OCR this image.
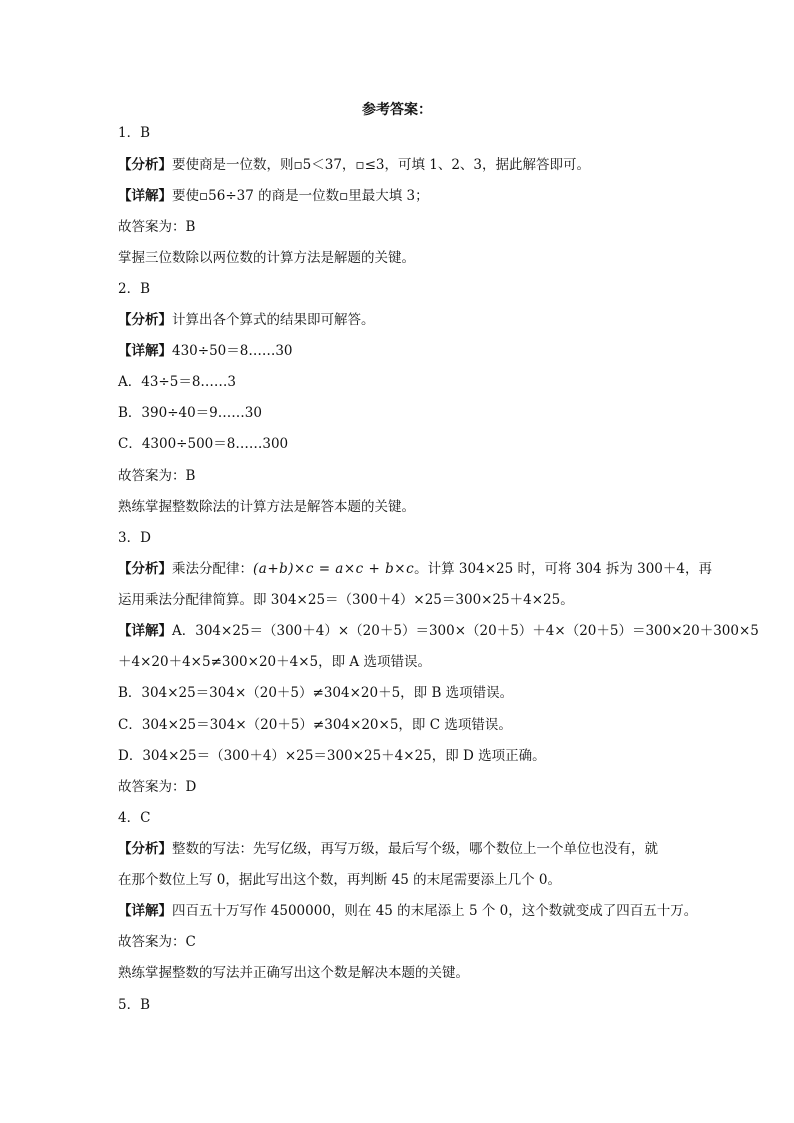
参考答案：
1．B
【分析】要使商是一位数，则▫5＜37，▫≤3，可填 1、2、3，据此解答即可。
【详解】要使▫56÷37 的商是一位数▫里最大填 3；
故答案为：B
掌握三位数除以两位数的计算方法是解题的关键。
2．B
【分析】计算出各个算式的结果即可解答。
【详解】430÷50＝8……30
A．43÷5＝8……3
B．390÷40＝9……30
C．4300÷500＝8……300
故答案为：B
熟练掌握整数除法的计算方法是解答本题的关键。
3．D
【分析】乘法分配律：(a+b)×c = a×c + b×c。计算 304×25 时，可将 304 拆为 300＋4，再
运用乘法分配律简算。即 304×25＝（300＋4）×25＝300×25＋4×25。
【详解】A．304×25＝（300＋4）×（20＋5）＝300×（20＋5）＋4×（20＋5）＝300×20＋300×5
＋4×20＋4×5≠300×20＋4×5，即 A 选项错误。
B．304×25＝304×（20＋5）≠304×20＋5，即 B 选项错误。
C．304×25＝304×（20＋5）≠304×20×5，即 C 选项错误。
D．304×25＝（300＋4）×25＝300×25＋4×25，即 D 选项正确。
故答案为：D
4．C
【分析】整数的写法：先写亿级，再写万级，最后写个级，哪个数位上一个单位也没有，就
在那个数位上写 0，据此写出这个数，再判断 45 的末尾需要添上几个 0。
【详解】四百五十万写作 4500000，则在 45 的末尾添上 5 个 0，这个数就变成了四百五十万。
故答案为：C
熟练掌握整数的写法并正确写出这个数是解决本题的关键。
5．B
